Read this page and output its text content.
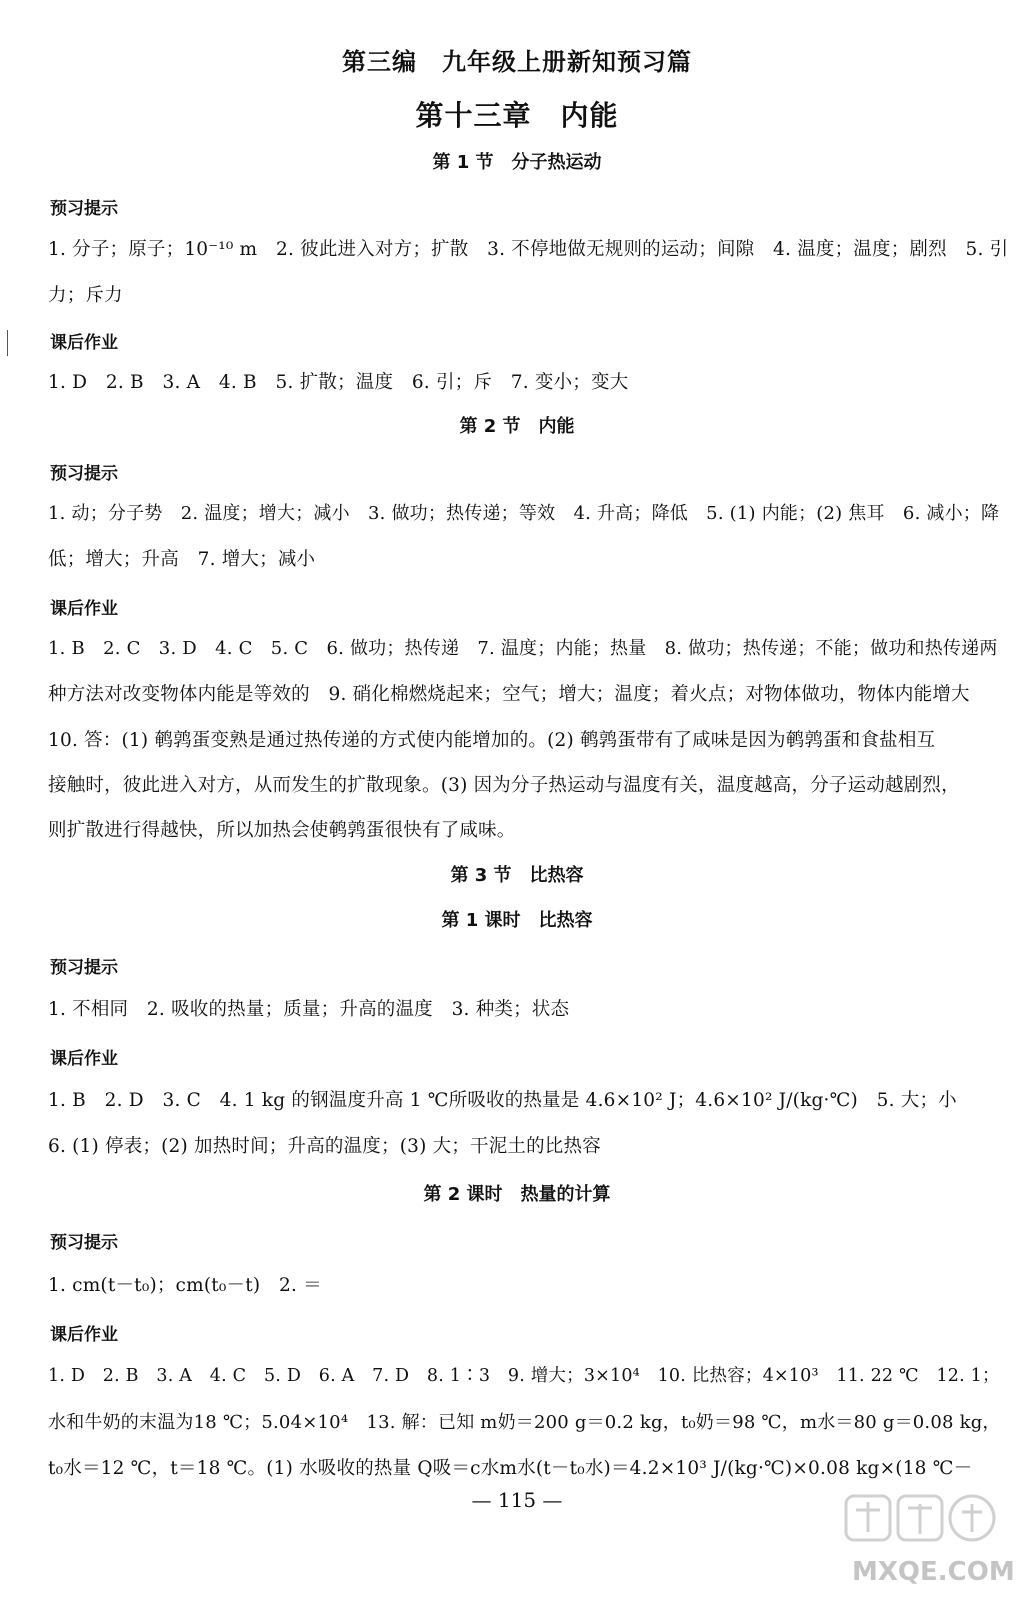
第三编　九年级上册新知预习篇
第十三章　内能
第 1 节　分子热运动
预习提示
1. 分子；原子；10⁻¹⁰ m　2. 彼此进入对方；扩散　3. 不停地做无规则的运动；间隙　4. 温度；温度；剧烈　5. 引
力；斥力
课后作业
1. D　2. B　3. A　4. B　5. 扩散；温度　6. 引；斥　7. 变小；变大
第 2 节　内能
预习提示
1. 动；分子势　2. 温度；增大；减小　3. 做功；热传递；等效　4. 升高；降低　5. (1) 内能；(2) 焦耳　6. 减小；降
低；增大；升高　7. 增大；减小
课后作业
1. B　2. C　3. D　4. C　5. C　6. 做功；热传递　7. 温度；内能；热量　8. 做功；热传递；不能；做功和热传递两
种方法对改变物体内能是等效的　9. 硝化棉燃烧起来；空气；增大；温度；着火点；对物体做功，物体内能增大
10. 答：(1) 鹌鹑蛋变熟是通过热传递的方式使内能增加的。(2) 鹌鹑蛋带有了咸味是因为鹌鹑蛋和食盐相互
接触时，彼此进入对方，从而发生的扩散现象。(3) 因为分子热运动与温度有关，温度越高，分子运动越剧烈，
则扩散进行得越快，所以加热会使鹌鹑蛋很快有了咸味。
第 3 节　比热容
第 1 课时　比热容
预习提示
1. 不相同　2. 吸收的热量；质量；升高的温度　3. 种类；状态
课后作业
1. B　2. D　3. C　4. 1 kg 的钢温度升高 1 ℃所吸收的热量是 4.6×10² J；4.6×10² J/(kg·℃)　5. 大；小
6. (1) 停表；(2) 加热时间；升高的温度；(3) 大；干泥土的比热容
第 2 课时　热量的计算
预习提示
1. cm(t－t₀)；cm(t₀－t)　2. ＝
课后作业
1. D　2. B　3. A　4. C　5. D　6. A　7. D　8. 1∶3　9. 增大；3×10⁴　10. 比热容；4×10³　11. 22 ℃　12. 1；
水和牛奶的末温为18 ℃；5.04×10⁴　13. 解：已知 m奶＝200 g＝0.2 kg，t₀奶＝98 ℃，m水＝80 g＝0.08 kg，
t₀水＝12 ℃，t＝18 ℃。(1) 水吸收的热量 Q吸＝c水m水(t－t₀水)＝4.2×10³ J/(kg·℃)×0.08 kg×(18 ℃－
— 115 —
MXQE.COM
